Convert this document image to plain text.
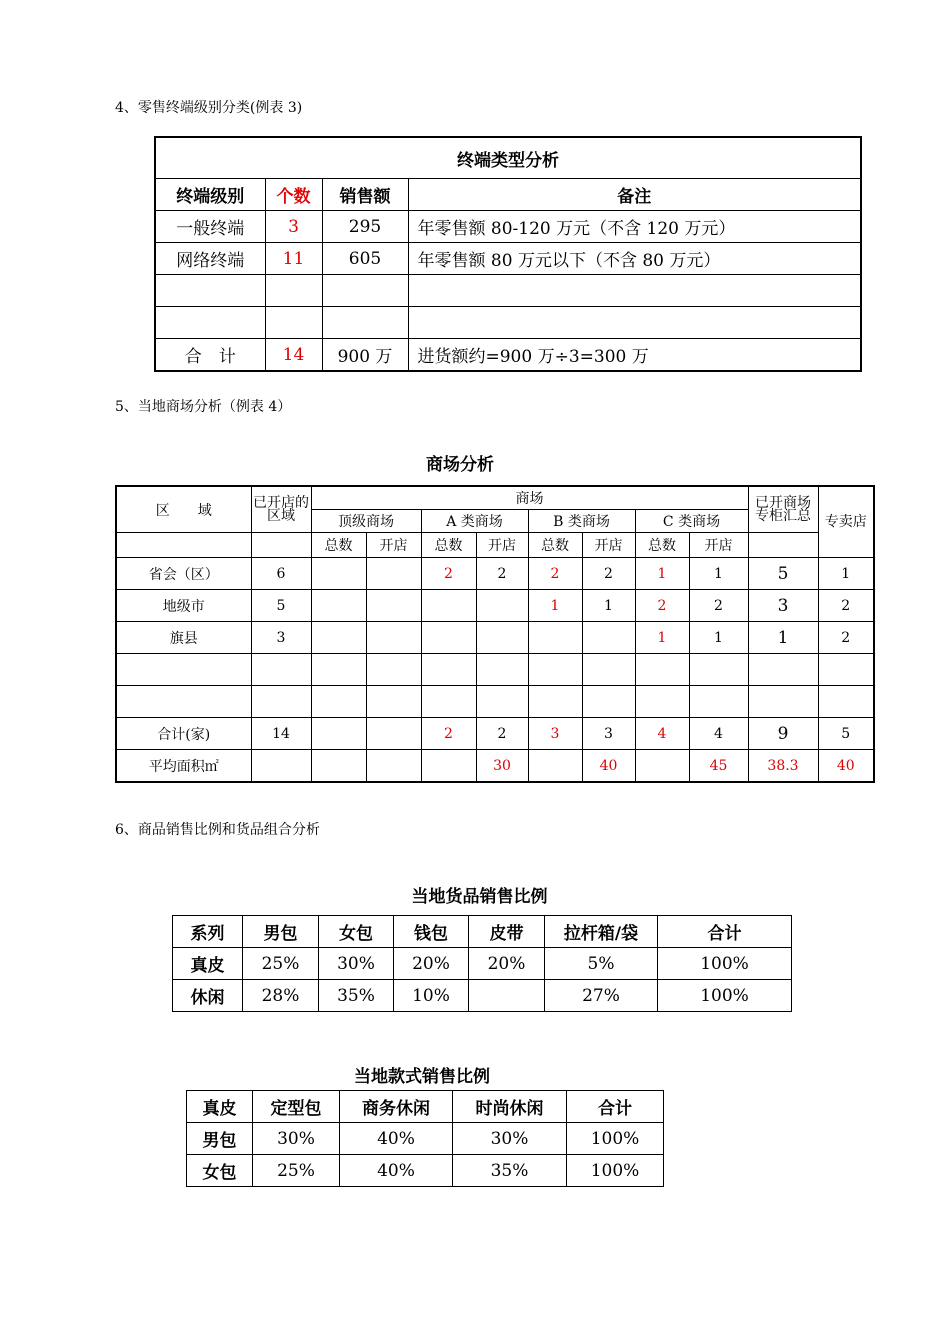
4、零售终端级别分类(例表 3)
终端类型分析			
终端级别	个数	销售额	备注
一般终端	3	295	年零售额 80-120 万元（不含 120 万元）
网络终端	11	605	年零售额 80 万元以下（不含 80 万元）

合　计	14	900 万	进货额约=900 万÷3=300 万
5、当地商场分析（例表 4）
商场分析
区　　域	已开店的区域	商场								已开商场专柜汇总	专卖店
		顶级商场		A 类商场		B 类商场		C 类商场			
		总数	开店	总数	开店	总数	开店	总数	开店		
省会（区）	6			2	2	2	2	1	1	5	1
地级市	5					1	1	2	2	3	2
旗县	3							1	1	1	2

合计(家)	14			2	2	3	3	4	4	9	5
平均面积㎡					30		40		45	38.3	40
6、商品销售比例和货品组合分析
当地货品销售比例
系列	男包	女包	钱包	皮带	拉杆箱/袋	合计
真皮	25%	30%	20%	20%	5%	100%
休闲	28%	35%	10%		27%	100%
当地款式销售比例
真皮	定型包	商务休闲	时尚休闲	合计
男包	30%	40%	30%	100%
女包	25%	40%	35%	100%
